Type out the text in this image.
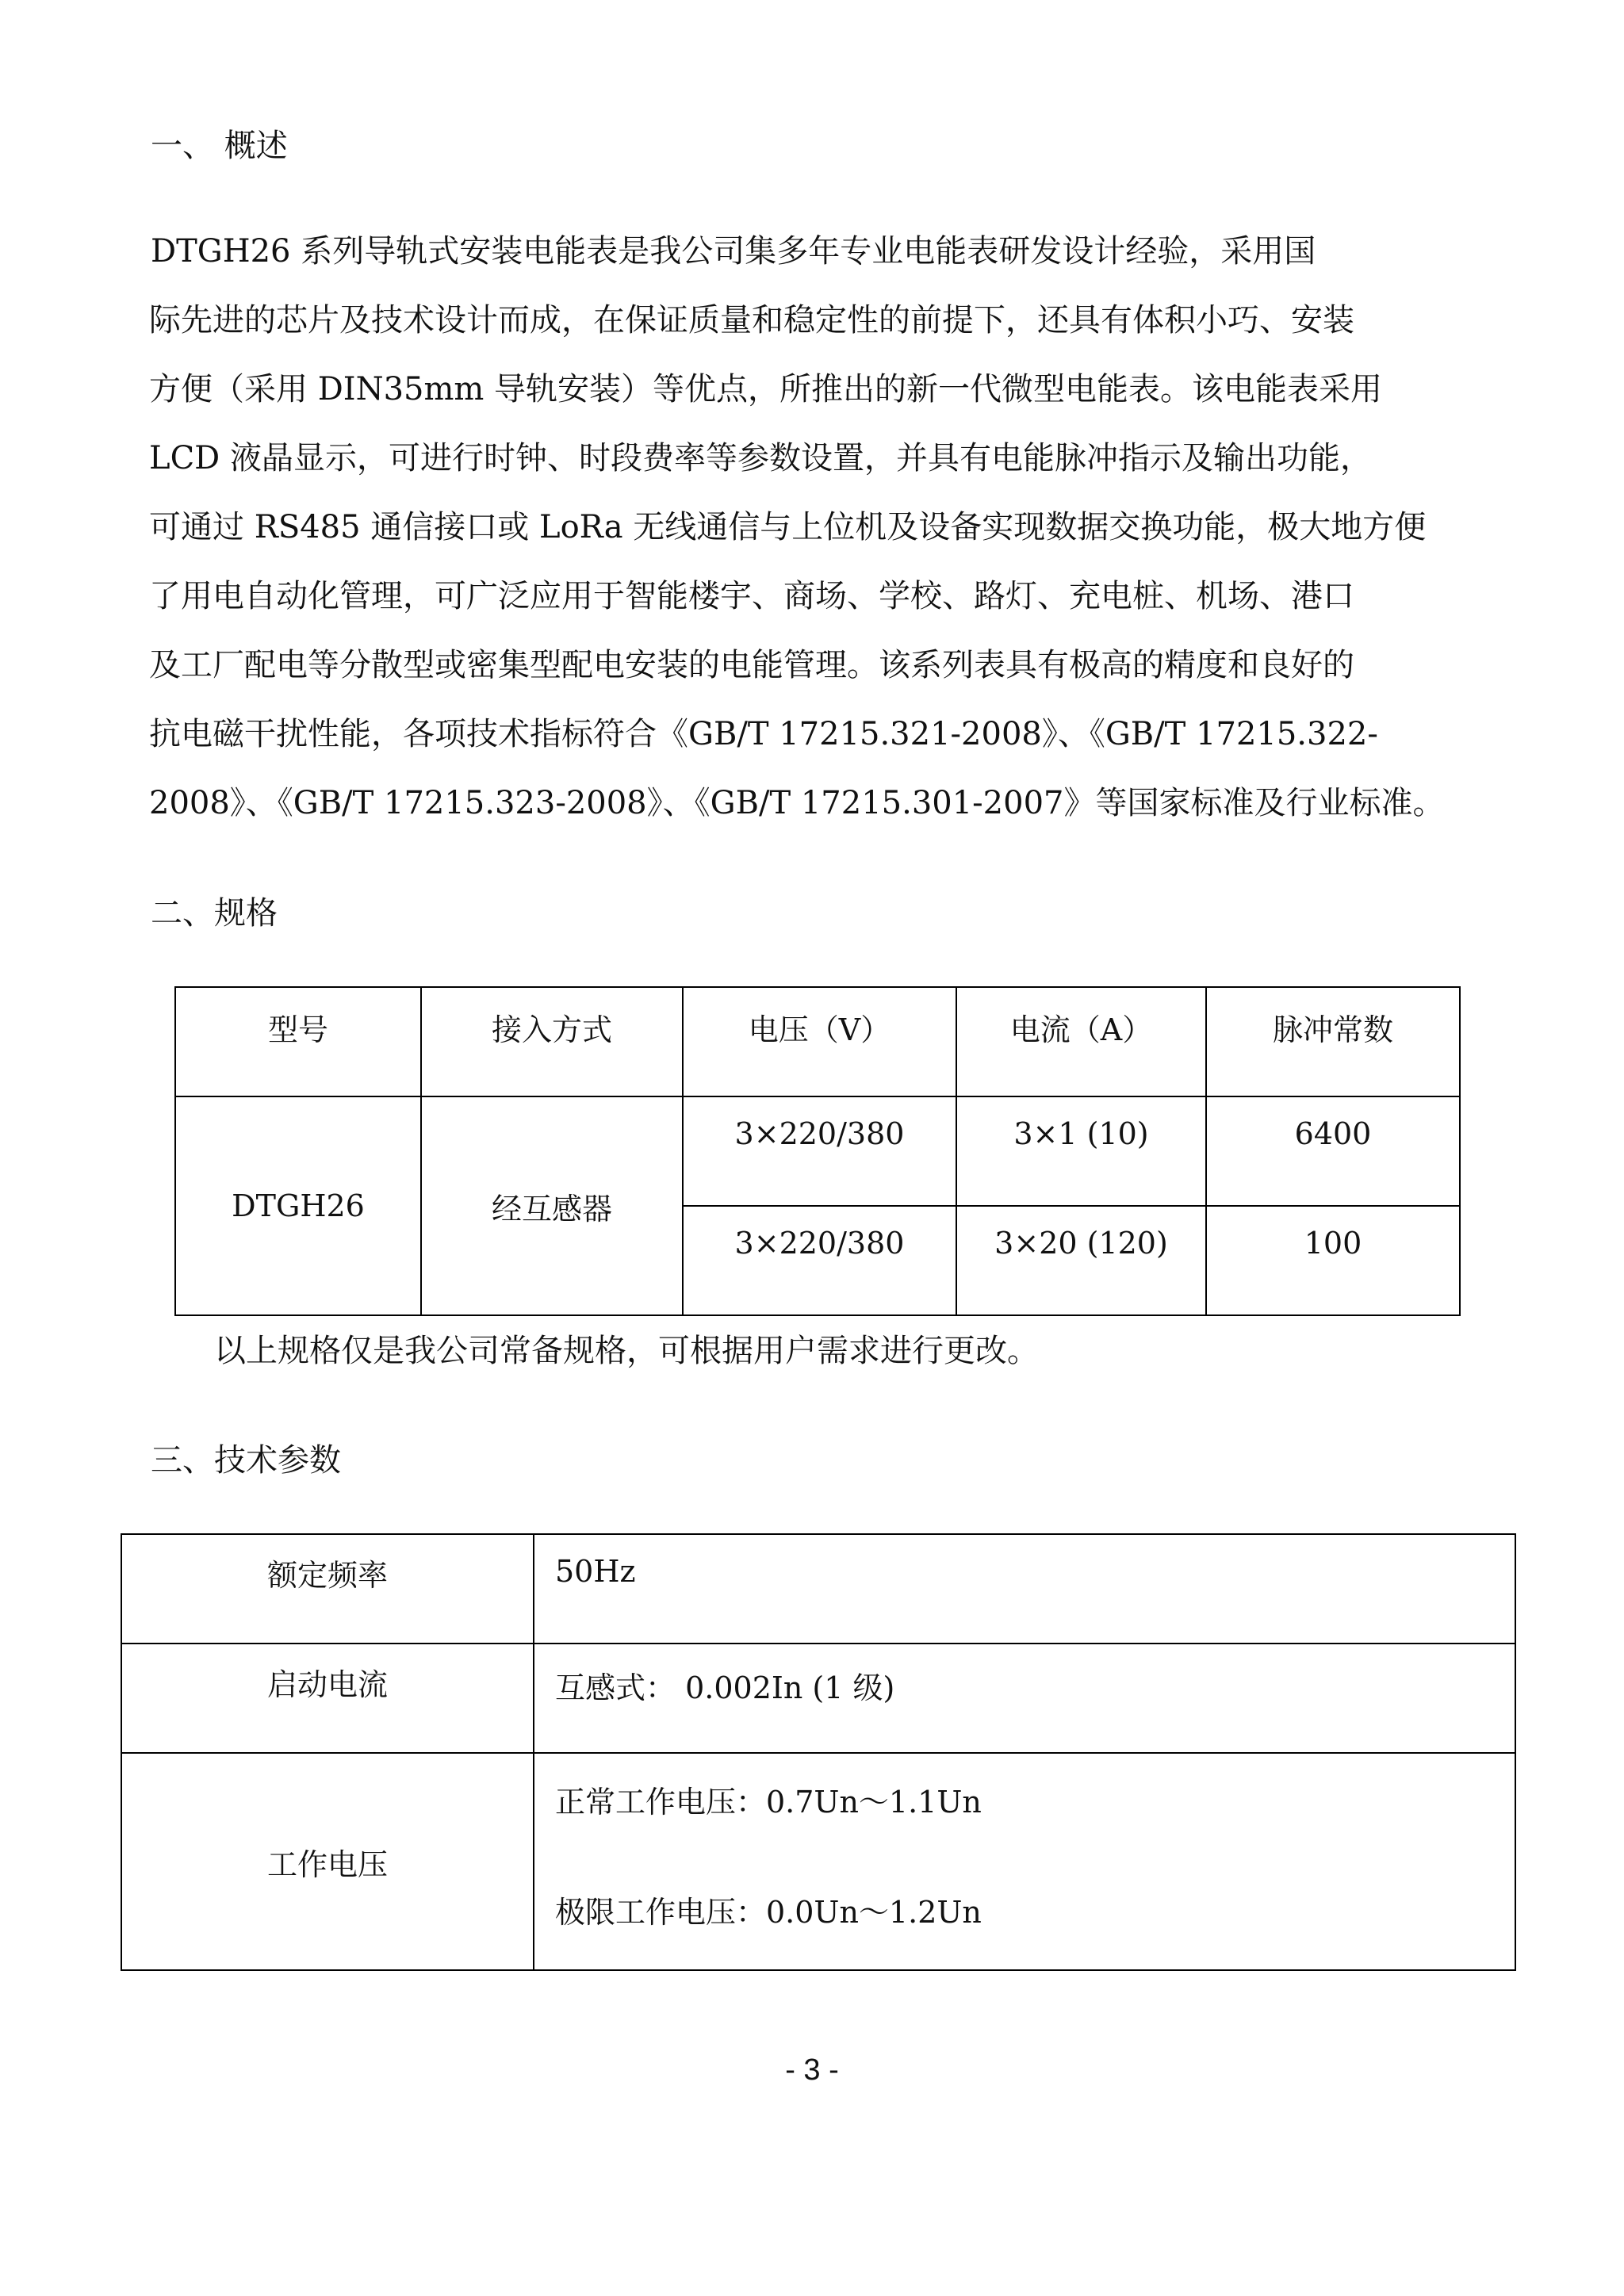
一、 概述
DTGH26 系列导轨式安装电能表是我公司集多年专业电能表研发设计经验，采用国
际先进的芯片及技术设计而成，在保证质量和稳定性的前提下，还具有体积小巧、安装
方便（采用 DIN35mm 导轨安装）等优点，所推出的新一代微型电能表。该电能表采用
LCD 液晶显示，可进行时钟、时段费率等参数设置，并具有电能脉冲指示及输出功能，
可通过 RS485 通信接口或 LoRa 无线通信与上位机及设备实现数据交换功能，极大地方便
了用电自动化管理，可广泛应用于智能楼宇、商场、学校、路灯、充电桩、机场、港口
及工厂配电等分散型或密集型配电安装的电能管理。该系列表具有极高的精度和良好的
抗电磁干扰性能，各项技术指标符合《GB/T 17215.321-2008》、《GB/T 17215.322-
2008》、《GB/T 17215.323-2008》、《GB/T 17215.301-2007》等国家标准及行业标准。
二、规格
型号	接入方式	电压（V）	电流（A）	脉冲常数

DTGH26	经互感器	3×220/380	3×1 (10)	6400

		3×220/380	3×20 (120)	100

以上规格仅是我公司常备规格，可根据用户需求进行更改。

三、技术参数
额定频率	50Hz

启动电流	互感式： 0.002In (1 级)

工作电压	正常工作电压：0.7Un～1.1Un
极限工作电压：0.0Un～1.2Un
- 3 -
